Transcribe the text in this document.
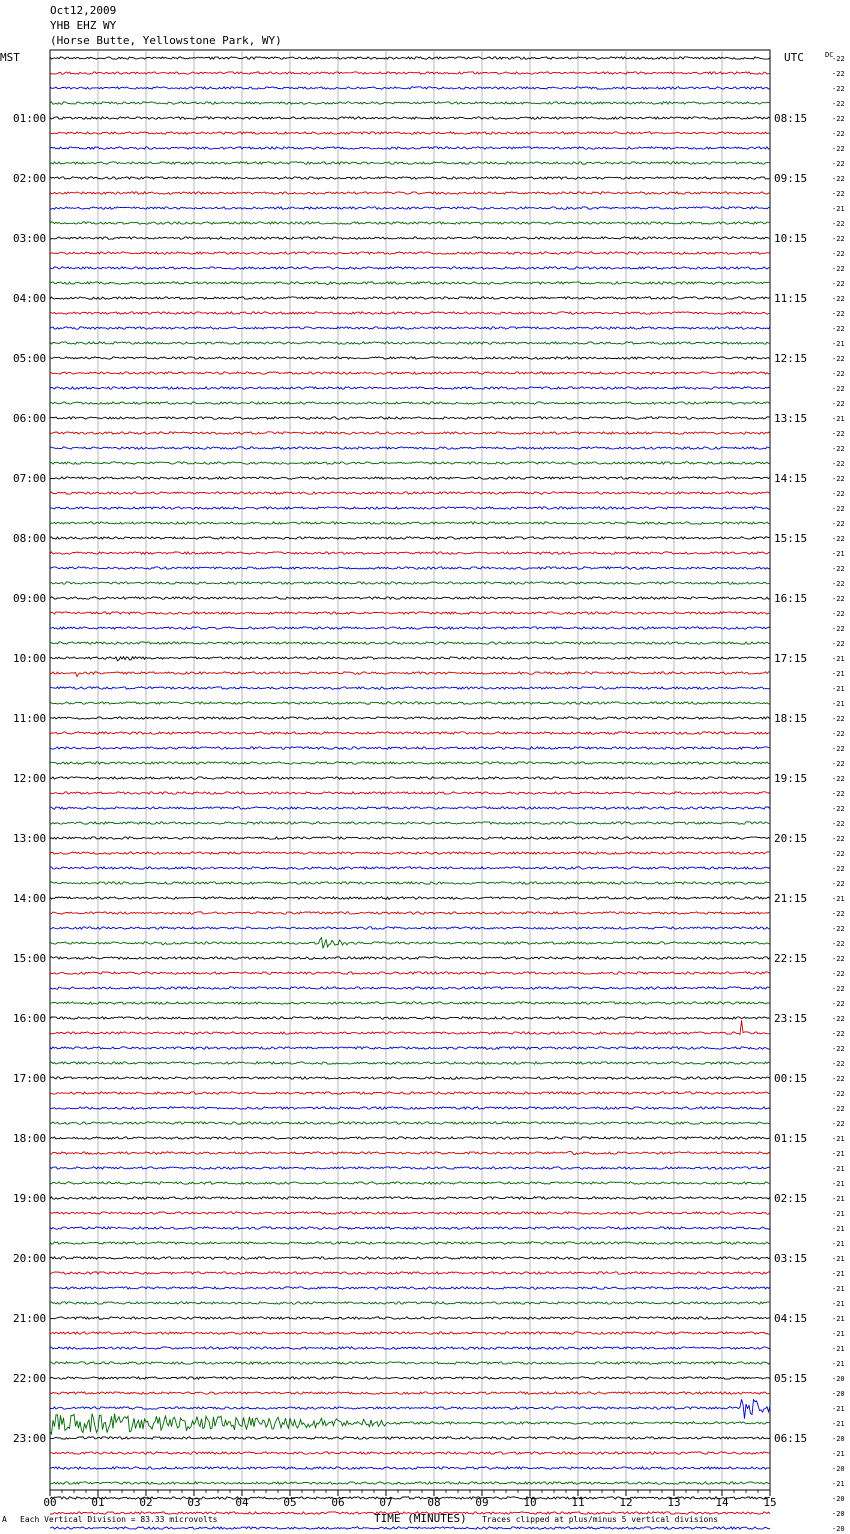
Oct12,2009
YHB EHZ WY
(Horse Butte, Yellowstone Park, WY)
00	01	02	03	04	05	06	07	08	09	10	11	12	13	14	15
MST	UTC	DC
01:00	08:15
02:00	09:15
03:00	10:15
04:00	11:15
05:00	12:15
06:00	13:15
07:00	14:15
08:00	15:15
09:00	16:15
10:00	17:15
11:00	18:15
12:00	19:15
13:00	20:15
14:00	21:15
15:00	22:15
16:00	23:15
17:00	00:15
18:00	01:15
19:00	02:15
20:00	03:15
21:00	04:15
22:00	05:15
23:00	06:15
-22
-22
-22
-22
-22
-22
-22
-22
-22
-22
-21
-22
-22
-22
-22
-22
-22
-22
-22
-21
-22
-22
-22
-22
-21
-22
-22
-22
-22
-22
-22
-22
-22
-21
-22
-22
-22
-22
-22
-22
-21
-21
-21
-21
-22
-22
-22
-22
-22
-22
-22
-22
-22
-22
-22
-22
-21
-22
-22
-22
-22
-22
-22
-22
-22
-22
-22
-22
-22
-22
-22
-22
-21
-21
-21
-21
-21
-21
-21
-21
-21
-21
-21
-21
-21
-21
-21
-21
-20
-20
-21
-21
-20
-21
-20
-21
-20
-20
-20
TIME (MINUTES)
A Each Vertical Division = 83.33 microvolts	Traces clipped at plus/minus 5 vertical divisions
